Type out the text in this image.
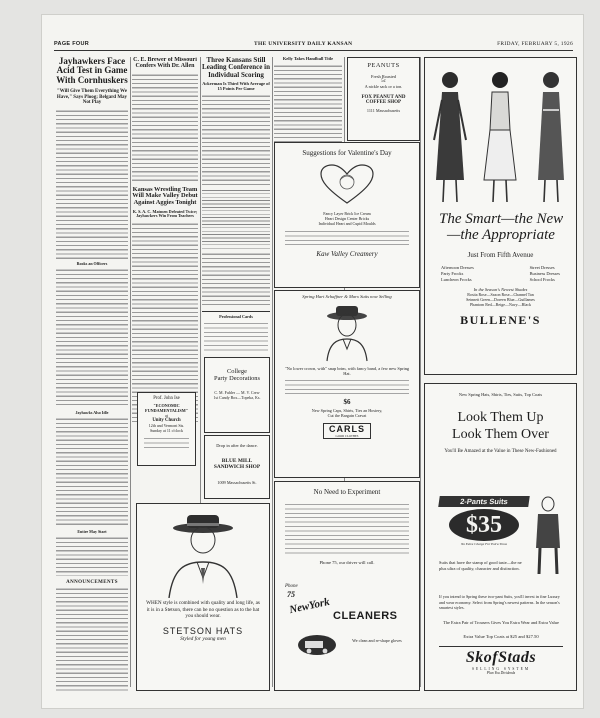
PAGE FOUR	THE UNIVERSITY DAILY KANSAN	FRIDAY, FEBRUARY 5, 1926
Jayhawkers Face Acid Test in Game With Cornhuskers
"Will Give Them Everything We Have," Says Ploog; Belgard May Not Play
Rooks an Officers
Jayhawks Also Idle
Entire May Start
ANNOUNCEMENTS
C. E. Brewer of Missouri Confers With Dr. Allen
Kansas Wrestling Team Will Make Valley Debut Against Aggies Tonight
K. S. A. C. Matmen Defeated Twice; Jayhawkers Win From Teachers
Prof. John Ise
"ECONOMIC FUNDAMENTALISM"
at
Unity Church
12th and Vermont Sts.
Sunday at 11 o'clock
Three Kansans Still Leading Conference in Individual Scoring
Ackerman Is Third With Average of 15 Points Per Game
Professional Cards
College
Party Decorations
C. M. Fuhler — M. V. Crew
1st Candy Box—Topeka, Ks.
Drop in after the dance.
BLUE MILL
SANDWICH SHOP
1009 Massachusetts St.
Kelly Takes Handball Title
PEANUTS
Fresh Roasted
5c
A nickle sack or a ton.
FOX PEANUT AND COFFEE SHOP
1111 Massachusetts
Suggestions for Valentine's Day
Fancy Layer Brick Ice Cream
Heart Design Center Bricks
Individual Heart and Cupid Moulds
Kaw Valley Creamery
Spring Hart Schaffner & Marx Suits now Selling
"No lower crown, with" snap brim, with fancy band, a few new Spring Hat.
$6
New Spring Caps, Shirts, Ties an Hosiery,
Cut the Bargain Cravat
CARLS
GOOD CLOTHES
WHEN style is combined with quality and long life, as it is in a Stetson, there can be no question as to the hat you should wear.
STETSON HATS
Styled for young men
No Need to Experiment
Phone 75, our driver will call.
Phone
75
NewYork CLEANERS
We clean and re-shape gloves
The Smart—the New
—the Appropriate
Just From Fifth Avenue
Afternoon Dresses
Party Frocks
Luncheon Frocks
Street Dresses
Business Dresses
School Frocks
In the Season's Newest Shades
Rosita Rose—Saxon Rose—Channel Tan
Seinnett Green—Doreen Blue—Guillames
Phantom Red—Beige—Navy—Black
BULLENE'S
New Spring Hats, Shirts, Ties, Suits, Top Coats
Look Them Up
Look Them Over
You'll Be Amazed at the Value in These New-Fashioned
2-Pants Suits
$35
No Extra Charge For Extra Trous
Suits that have the stamp of good taste—the ne plus ultra of quality, character and distinction.
If you intend to Spring these two-pant Suits, you'll invest in fine Luxury and wear economy. Select from Spring's newest patterns. In the season's smartest styles.
The Extra Pair of Trousers Gives You Extra Wear and Extra Value
Extra Value Top Coats at $25 and $27.50
SkofStads
SELLING SYSTEM
Plan You Dividends
